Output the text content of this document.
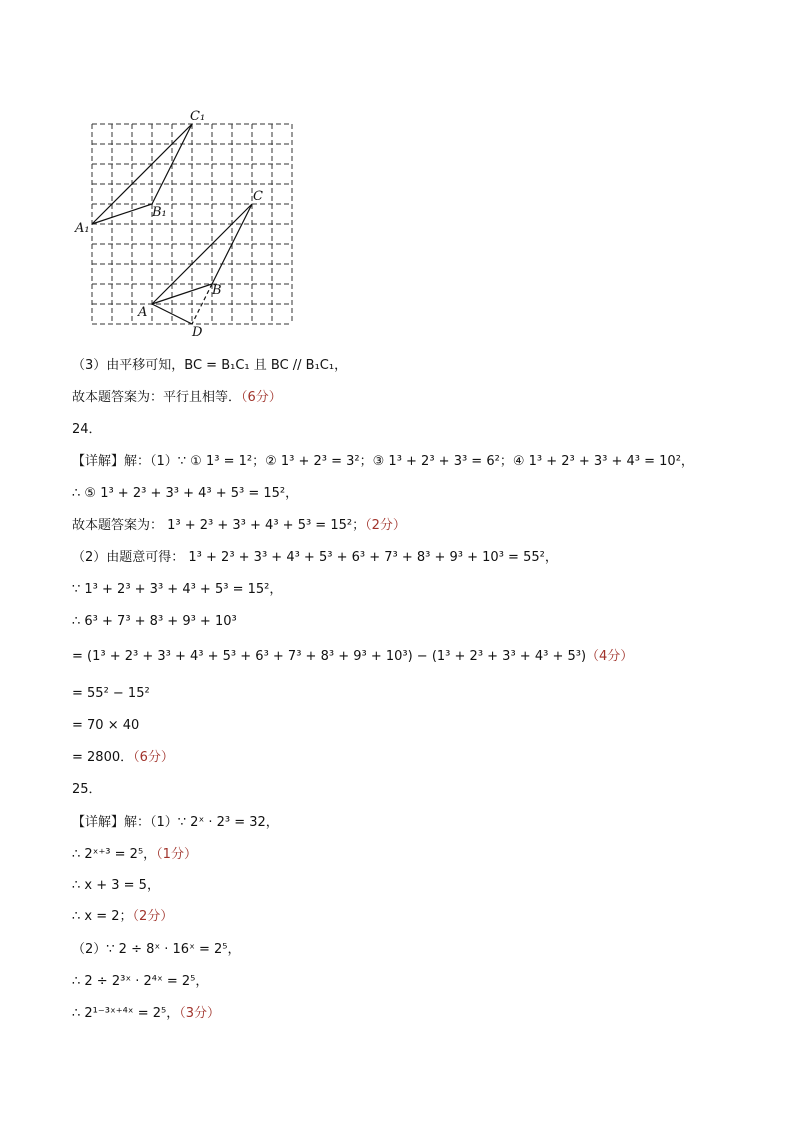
C₁
B₁
A₁
C
B
A
D
（3）由平移可知，BC = B₁C₁ 且 BC // B₁C₁，
故本题答案为：平行且相等．（6分）
24．
【详解】解：（1）∵ ① 1³ = 1²；② 1³ + 2³ = 3²；③ 1³ + 2³ + 3³ = 6²；④ 1³ + 2³ + 3³ + 4³ = 10²，
∴ ⑤ 1³ + 2³ + 3³ + 4³ + 5³ = 15²，
故本题答案为： 1³ + 2³ + 3³ + 4³ + 5³ = 15²；（2分）
（2）由题意可得： 1³ + 2³ + 3³ + 4³ + 5³ + 6³ + 7³ + 8³ + 9³ + 10³ = 55²，
∵ 1³ + 2³ + 3³ + 4³ + 5³ = 15²，
∴ 6³ + 7³ + 8³ + 9³ + 10³
= (1³ + 2³ + 3³ + 4³ + 5³ + 6³ + 7³ + 8³ + 9³ + 10³) − (1³ + 2³ + 3³ + 4³ + 5³)（4分）
= 55² − 15²
= 70 × 40
= 2800．（6分）
25．
【详解】解：（1）∵ 2ˣ · 2³ = 32，
∴ 2ˣ⁺³ = 2⁵，（1分）
∴ x + 3 = 5，
∴ x = 2；（2分）
（2）∵ 2 ÷ 8ˣ · 16ˣ = 2⁵，
∴ 2 ÷ 2³ˣ · 2⁴ˣ = 2⁵，
∴ 2¹⁻³ˣ⁺⁴ˣ = 2⁵，（3分）
